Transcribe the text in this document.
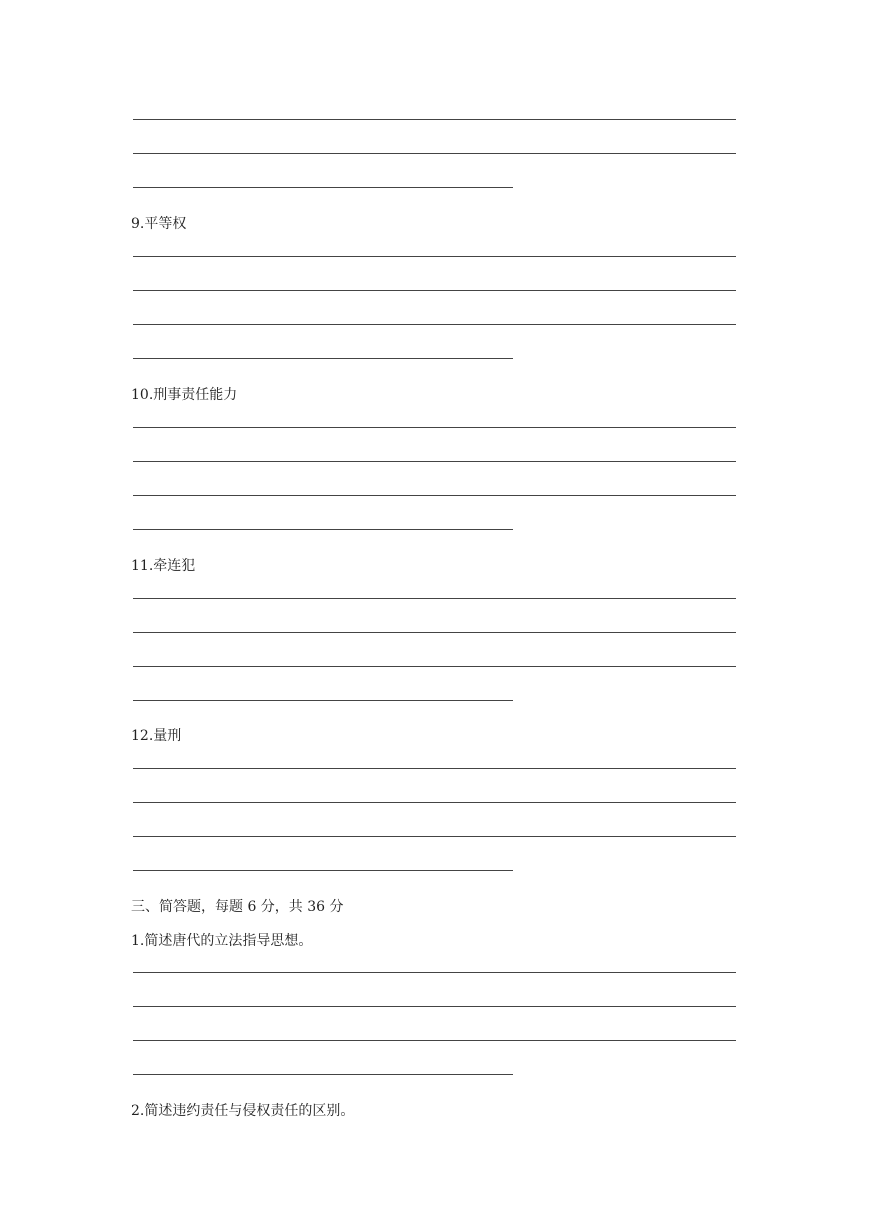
9.平等权
10.刑事责任能力
11.牵连犯
12.量刑
三、简答题，每题 6 分，共 36 分
1.简述唐代的立法指导思想。
2.简述违约责任与侵权责任的区别。
